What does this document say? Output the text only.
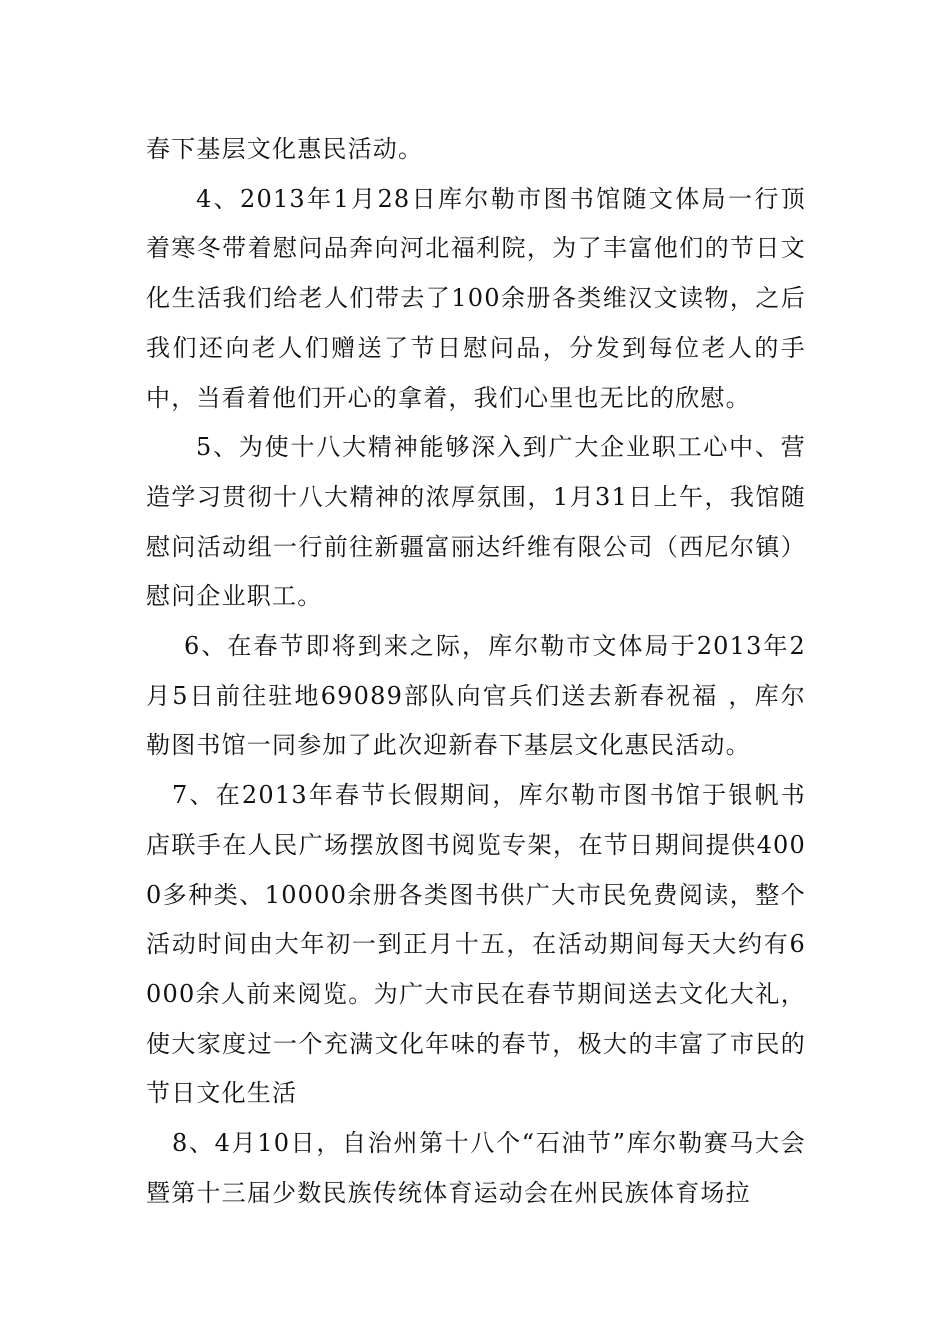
春下基层文化惠民活动。

4、2013年1月28日库尔勒市图书馆随文体局一行顶着寒冬带着慰问品奔向河北福利院，为了丰富他们的节日文化生活我们给老人们带去了100余册各类维汉文读物，之后我们还向老人们赠送了节日慰问品，分发到每位老人的手中，当看着他们开心的拿着，我们心里也无比的欣慰。

5、为使十八大精神能够深入到广大企业职工心中、营造学习贯彻十八大精神的浓厚氛围，1月31日上午，我馆随慰问活动组一行前往新疆富丽达纤维有限公司（西尼尔镇）慰问企业职工。

6、在春节即将到来之际，库尔勒市文体局于2013年2月5日前往驻地69089部队向官兵们送去新春祝福 ，库尔勒图书馆一同参加了此次迎新春下基层文化惠民活动。

7、在2013年春节长假期间，库尔勒市图书馆于银帆书店联手在人民广场摆放图书阅览专架，在节日期间提供4000多种类、10000余册各类图书供广大市民免费阅读，整个活动时间由大年初一到正月十五，在活动期间每天大约有6000余人前来阅览。为广大市民在春节期间送去文化大礼，使大家度过一个充满文化年味的春节，极大的丰富了市民的节日文化生活

8、4月10日，自治州第十八个“石油节”库尔勒赛马大会暨第十三届少数民族传统体育运动会在州民族体育场拉
